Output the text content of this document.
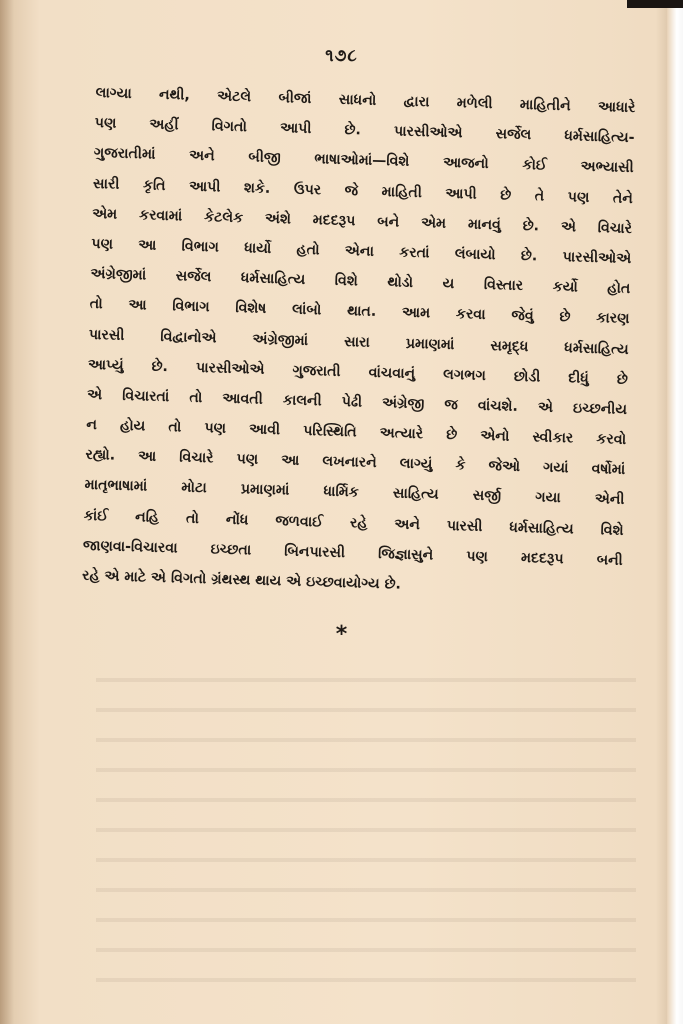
૧૭૮
લાગ્યા નથી, એટલે બીજાં સાધનો દ્વારા મળેલી માહિતીને આધારે
પણ અહીં વિગતો આપી છે. પારસીઓએ સર્જેલ ધર્મસાહિત્ય-
ગુજરાતીમાં અને બીજી ભાષાઓમાં—વિશે આજનો કોઈ અભ્યાસી
સારી કૃતિ આપી શકે. ઉપર જે માહિતી આપી છે તે પણ તેને
એમ કરવામાં કેટલેક અંશે મદદરૂપ બને એમ માનવું છે. એ વિચારે
પણ આ વિભાગ ધાર્યો હતો એના કરતાં લંબાયો છે. પારસીઓએ
અંગ્રેજીમાં સર્જેલ ધર્મસાહિત્ય વિશે થોડો ય વિસ્તાર કર્યો હોત
તો આ વિભાગ વિશેષ લાંબો થાત. આમ કરવા જેવું છે કારણ
પારસી વિદ્વાનોએ અંગ્રેજીમાં સારા પ્રમાણમાં સમૃદ્ધ ધર્મસાહિત્ય
આપ્યું છે. પારસીઓએ ગુજરાતી વાંચવાનું લગભગ છોડી દીધું છે
એ વિચારતાં તો આવતી કાલની પેઢી અંગ્રેજી જ વાંચશે. એ ઇચ્છનીય
ન હોય તો પણ આવી પરિસ્થિતિ અત્યારે છે એનો સ્વીકાર કરવો
રહ્યો. આ વિચારે પણ આ લખનારને લાગ્યું કે જેઓ ગયાં વર્ષોમાં
માતૃભાષામાં મોટા પ્રમાણમાં ધાર્મિક સાહિત્ય સર્જી ગયા એની
કાંઈ નહિ તો નોંધ જળવાઈ રહે અને પારસી ધર્મસાહિત્ય વિશે
જાણવા-વિચારવા ઇચ્છતા બિનપારસી જિજ્ઞાસુને પણ મદદરૂપ બની
રહે એ માટે એ વિગતો ગ્રંથસ્થ થાય એ ઇચ્છવાયોગ્ય છે.
*
